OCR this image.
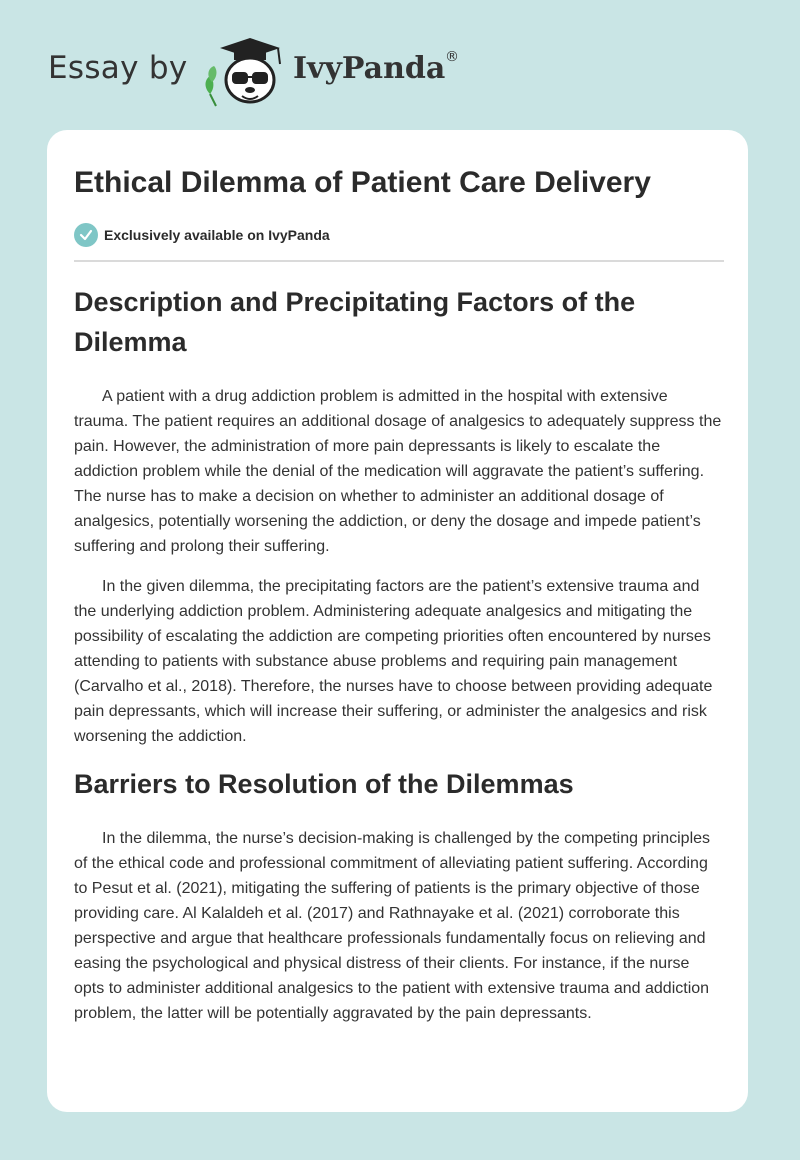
Essay by	IvyPanda ®
Ethical Dilemma of Patient Care Delivery
Exclusively available on IvyPanda
Description and Precipitating Factors of the Dilemma

A patient with a drug addiction problem is admitted in the hospital with extensive trauma. The patient requires an additional dosage of analgesics to adequately suppress the pain. However, the administration of more pain depressants is likely to escalate the addiction problem while the denial of the medication will aggravate the patient’s suffering. The nurse has to make a decision on whether to administer an additional dosage of analgesics, potentially worsening the addiction, or deny the dosage and impede patient’s suffering and prolong their suffering.

In the given dilemma, the precipitating factors are the patient’s extensive trauma and the underlying addiction problem. Administering adequate analgesics and mitigating the possibility of escalating the addiction are competing priorities often encountered by nurses attending to patients with substance abuse problems and requiring pain management (Carvalho et al., 2018). Therefore, the nurses have to choose between providing adequate pain depressants, which will increase their suffering, or administer the analgesics and risk worsening the addiction.

Barriers to Resolution of the Dilemmas

In the dilemma, the nurse’s decision-making is challenged by the competing principles of the ethical code and professional commitment of alleviating patient suffering. According to Pesut et al. (2021), mitigating the suffering of patients is the primary objective of those providing care. Al Kalaldeh et al. (2017) and Rathnayake et al. (2021) corroborate this perspective and argue that healthcare professionals fundamentally focus on relieving and easing the psychological and physical distress of their clients. For instance, if the nurse opts to administer additional analgesics to the patient with extensive trauma and addiction problem, the latter will be potentially aggravated by the pain depressants.
